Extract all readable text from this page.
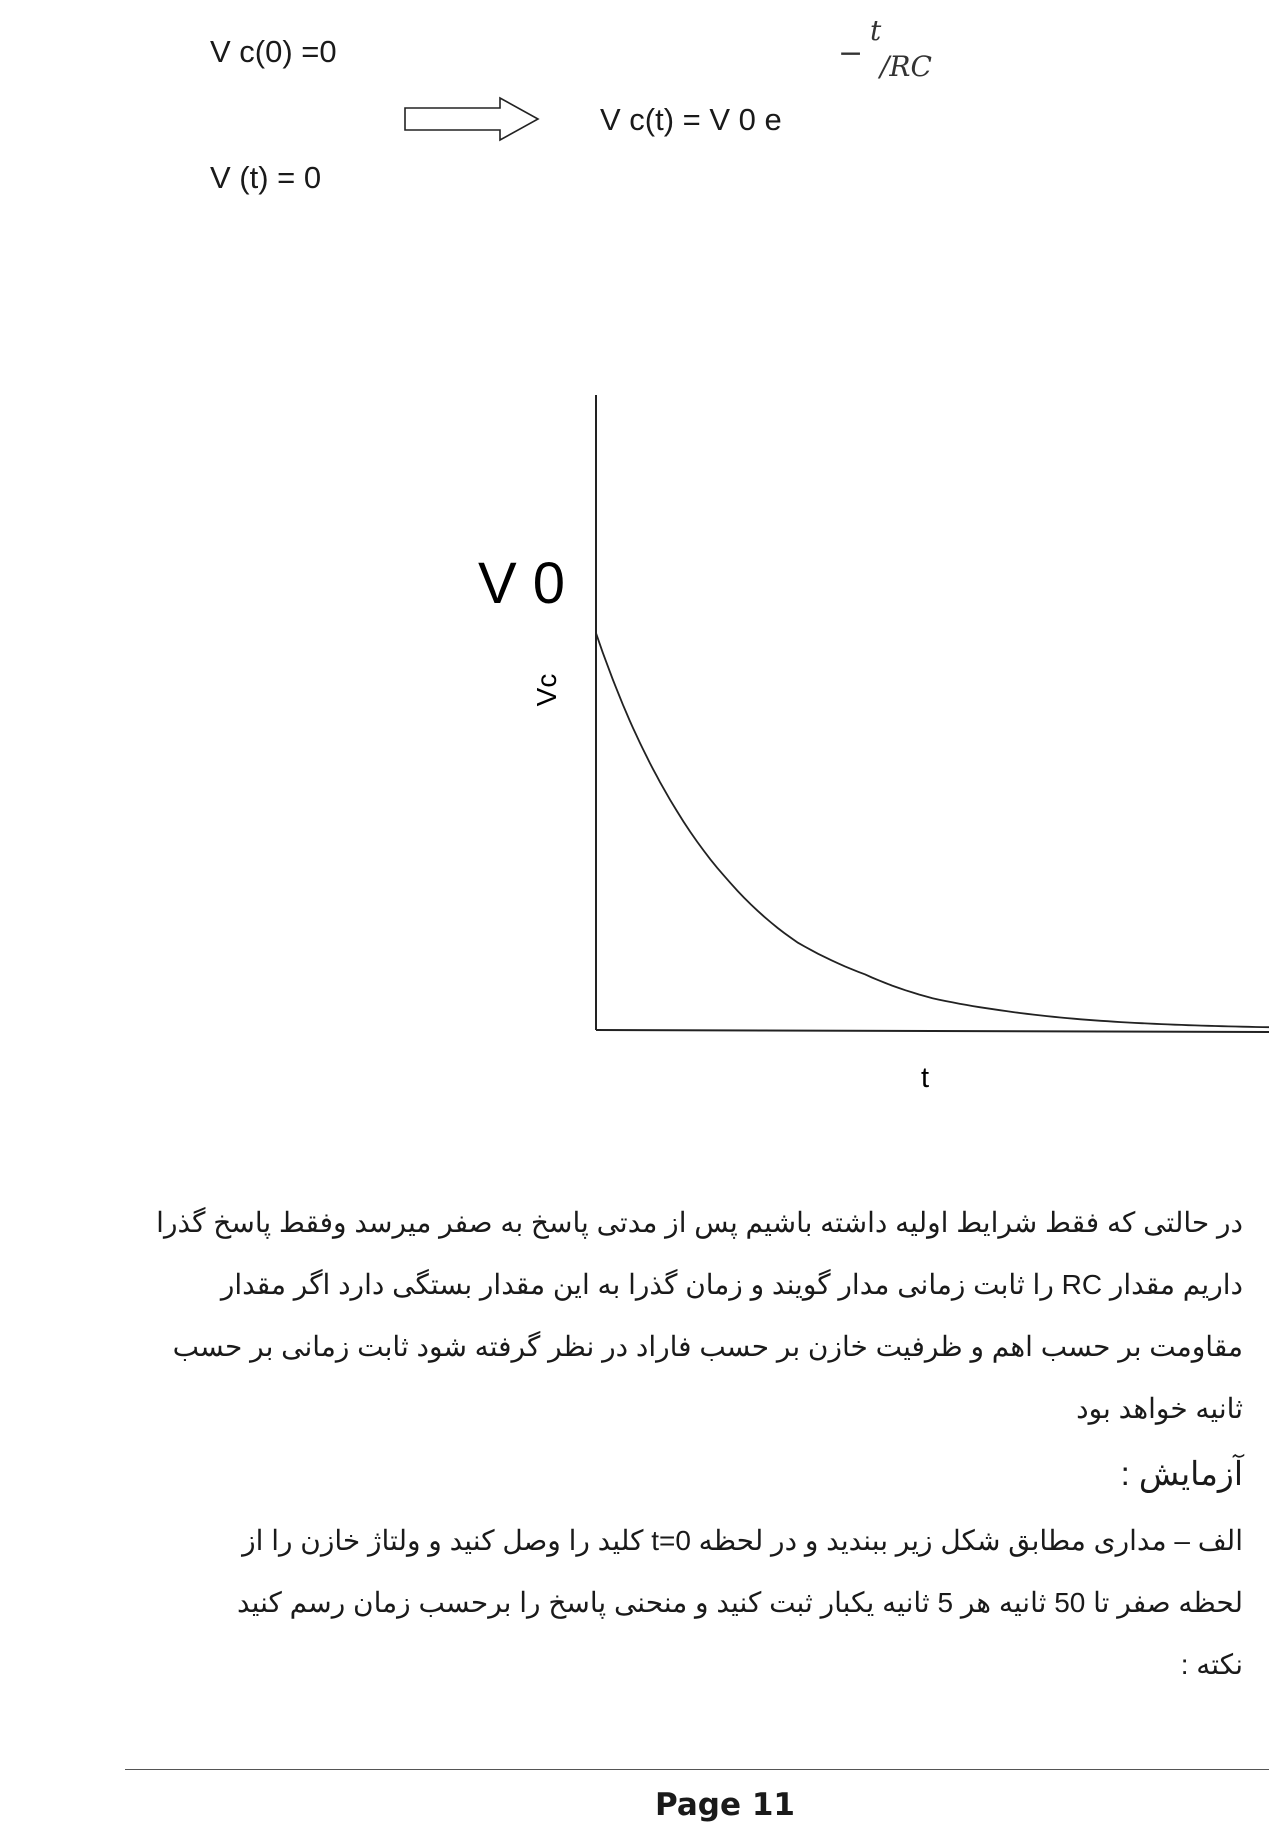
V c(0) =0
V (t) = 0
V c(t) = V 0 e
−
t
/RC
V 0
Vc
t
در حالتی که فقط شرایط اولیه داشته باشیم پس از مدتی پاسخ به صفر میرسد وفقط پاسخ گذرا
داریم مقدار RC را ثابت زمانی مدار گویند و زمان گذرا به این مقدار بستگی دارد اگر مقدار
مقاومت بر حسب اهم و ظرفیت خازن بر حسب فاراد در نظر گرفته شود ثابت زمانی بر حسب
ثانیه خواهد بود
آزمایش :
الف – مداری مطابق شکل زیر ببندید و در لحظه t=0 کلید را وصل کنید و ولتاژ خازن را از
لحظه صفر تا 50 ثانیه هر 5 ثانیه یکبار ثبت کنید و منحنی پاسخ را برحسب زمان رسم کنید
نکته :
Page 11
